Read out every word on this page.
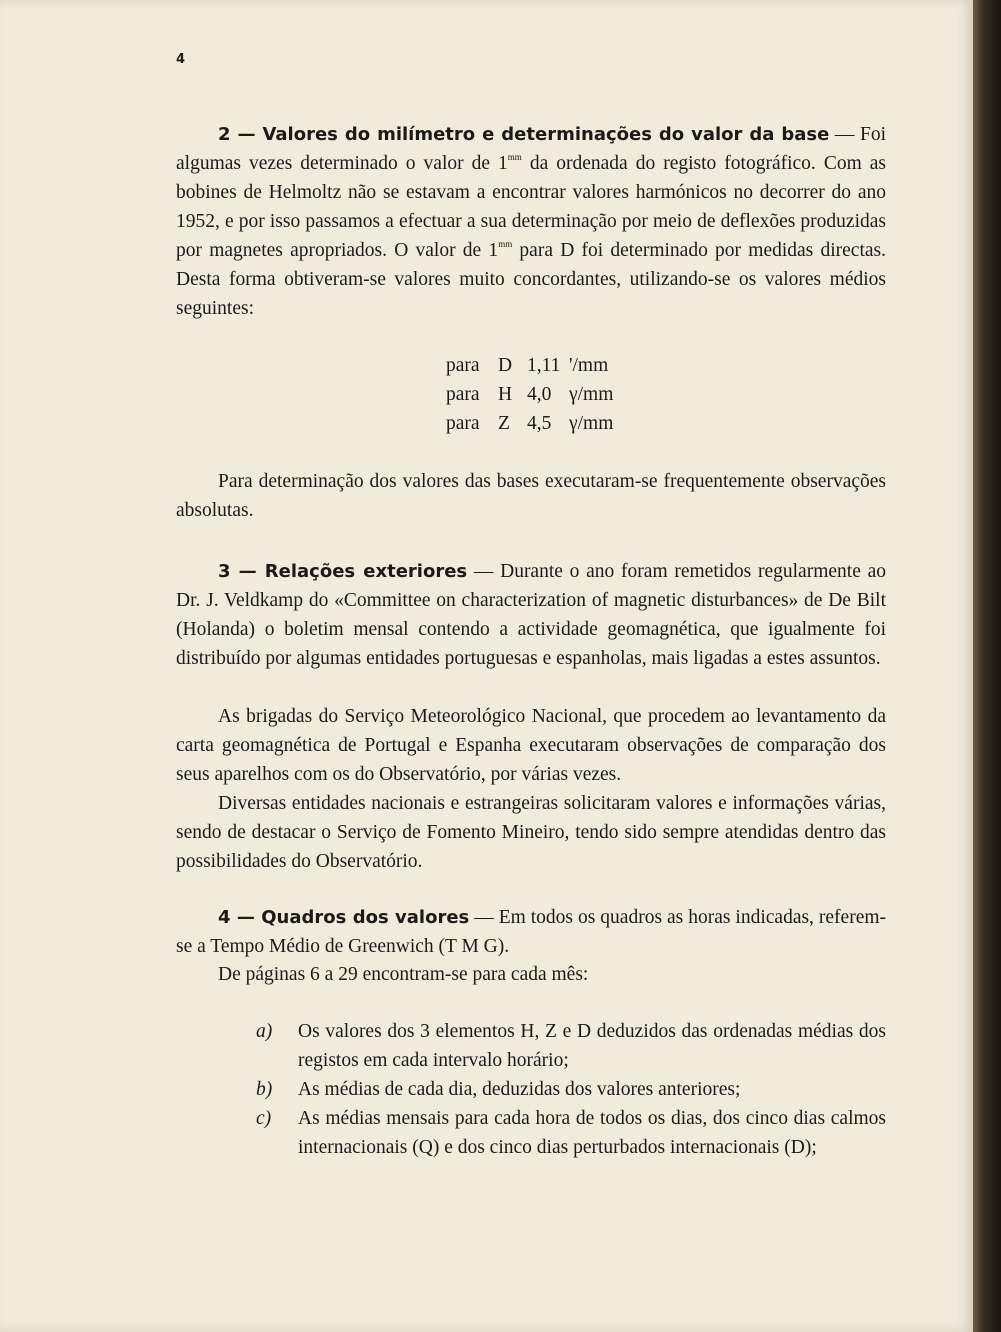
4

2 — Valores do milímetro e determinações do valor da base — Foi algumas vezes determinado o valor de $1^{mm}$ da ordenada do registo fotográfico. Com as bobines de Helmoltz não se estavam a encontrar valores harmónicos no decorrer do ano 1952, e por isso passamos a efectuar a sua determinação por meio de deflexões produzidas por magnetes apropriados. O valor de $1^{mm}$ para D foi determinado por medidas directas. Desta forma obtiveram-se valores muito concordantes, utilizando-se os valores médios seguintes:

para D 1,11 '/mm
para H 4,0 γ/mm
para Z 4,5 γ/mm

Para determinação dos valores das bases executaram-se frequentemente observações absolutas.

3 — Relações exteriores — Durante o ano foram remetidos regularmente ao Dr. J. Veldkamp do «Committee on characterization of magnetic disturbances» de De Bilt (Holanda) o boletim mensal contendo a actividade geomagnética, que igualmente foi distribuído por algumas entidades portuguesas e espanholas, mais ligadas a estes assuntos.

As brigadas do Serviço Meteorológico Nacional, que procedem ao levantamento da carta geomagnética de Portugal e Espanha executaram observações de comparação dos seus aparelhos com os do Observatório, por várias vezes.

Diversas entidades nacionais e estrangeiras solicitaram valores e informações várias, sendo de destacar o Serviço de Fomento Mineiro, tendo sido sempre atendidas dentro das possibilidades do Observatório.

4 — Quadros dos valores — Em todos os quadros as horas indicadas, referem-se a Tempo Médio de Greenwich (T M G).

De páginas 6 a 29 encontram-se para cada mês:

a)	Os valores dos 3 elementos H, Z e D deduzidos das ordenadas médias dos registos em cada intervalo horário;
b)	As médias de cada dia, deduzidas dos valores anteriores;
c)	As médias mensais para cada hora de todos os dias, dos cinco dias calmos internacionais (Q) e dos cinco dias perturbados internacionais (D);
